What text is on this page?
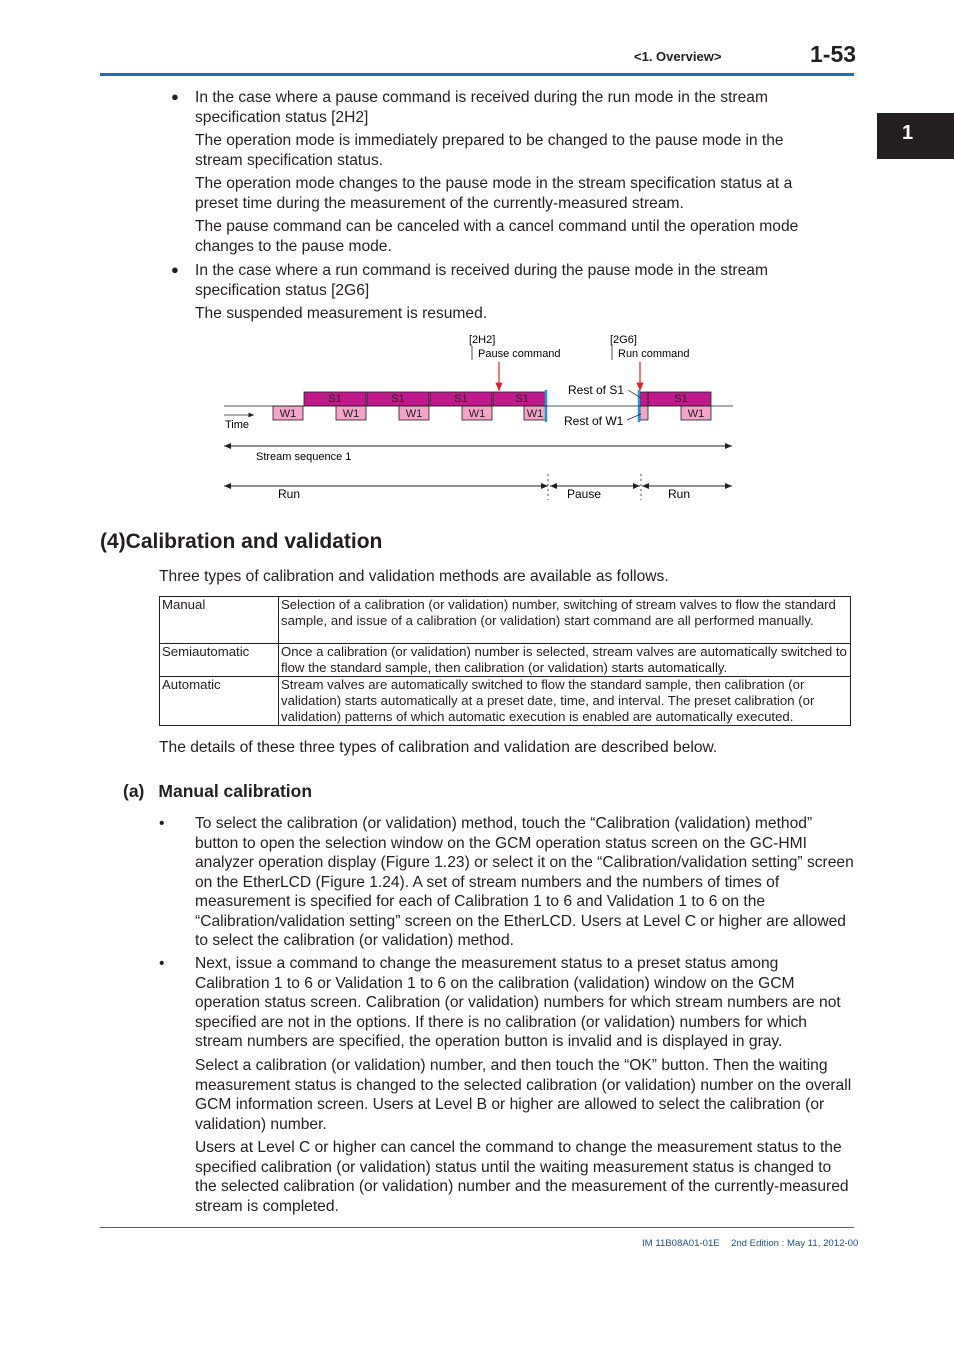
<1. Overview>	1-53
1
● In the case where a pause command is received during the run mode in the stream specification status [2H2]

The operation mode is immediately prepared to be changed to the pause mode in the stream specification status.

The operation mode changes to the pause mode in the stream specification status at a preset time during the measurement of the currently-measured stream.

The pause command can be canceled with a cancel command until the operation mode changes to the pause mode.

● In the case where a run command is received during the pause mode in the stream specification status [2G6]

The suspended measurement is resumed.

[2H2]
Pause command
[2G6]
Run command
S1	S1	S1	S1	S1
W1	W1	W1	W1	W1	W1
Rest of S1
Rest of W1
Time
Stream sequence 1
Run	Pause	Run
(4)Calibration and validation

Three types of calibration and validation methods are available as follows.

Manual	Selection of a calibration (or validation) number, switching of stream valves to flow the standard sample, and issue of a calibration (or validation) start command are all performed manually.
Semiautomatic	Once a calibration (or validation) number is selected, stream valves are automatically switched to flow the standard sample, then calibration (or validation) starts automatically.
Automatic	Stream valves are automatically switched to flow the standard sample, then calibration (or validation) starts automatically at a preset date, time, and interval. The preset calibration (or validation) patterns of which automatic execution is enabled are automatically executed.

The details of these three types of calibration and validation are described below.

(a) Manual calibration
• To select the calibration (or validation) method, touch the “Calibration (validation) method” button to open the selection window on the GCM operation status screen on the GC-HMI analyzer operation display (Figure 1.23) or select it on the “Calibration/validation setting” screen on the EtherLCD (Figure 1.24). A set of stream numbers and the numbers of times of measurement is specified for each of Calibration 1 to 6 and Validation 1 to 6 on the “Calibration/validation setting” screen on the EtherLCD. Users at Level C or higher are allowed to select the calibration (or validation) method.

• Next, issue a command to change the measurement status to a preset status among Calibration 1 to 6 or Validation 1 to 6 on the calibration (validation) window on the GCM operation status screen. Calibration (or validation) numbers for which stream numbers are not specified are not in the options. If there is no calibration (or validation) numbers for which stream numbers are specified, the operation button is invalid and is displayed in gray.

Select a calibration (or validation) number, and then touch the “OK” button. Then the waiting measurement status is changed to the selected calibration (or validation) number on the overall GCM information screen. Users at Level B or higher are allowed to select the calibration (or validation) number.

Users at Level C or higher can cancel the command to change the measurement status to the specified calibration (or validation) status until the waiting measurement status is changed to the selected calibration (or validation) number and the measurement of the currently-measured stream is completed.

IM 11B08A01-01E 2nd Edition : May 11, 2012-00
